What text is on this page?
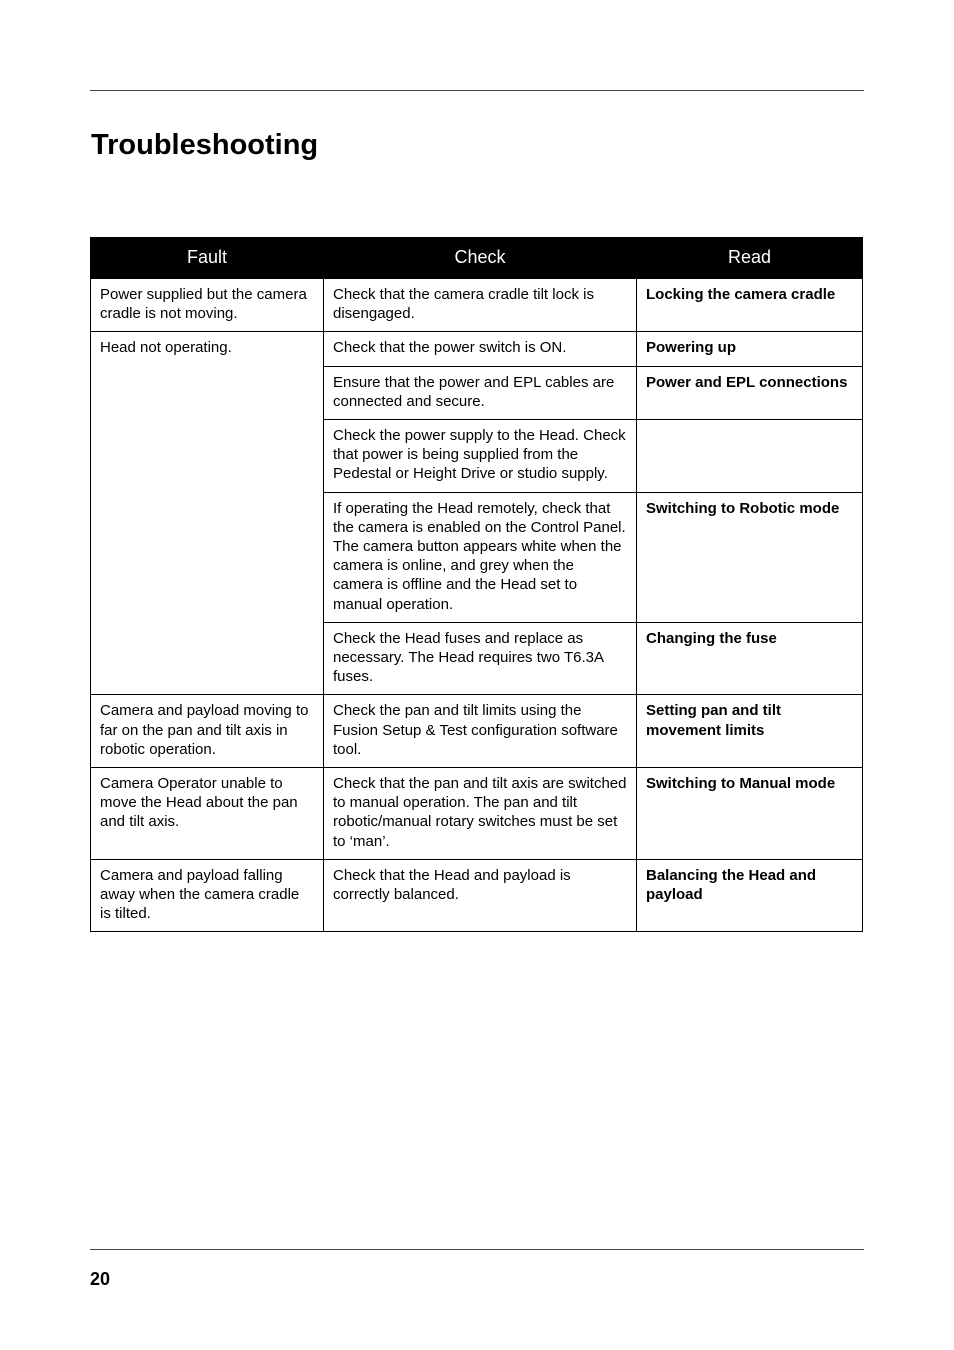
Troubleshooting
Fault	Check	Read
Power supplied but the camera cradle is not moving.	Check that the camera cradle tilt lock is disengaged.	Locking the camera cradle
Head not operating.	Check that the power switch is ON.	Powering up
	Ensure that the power and EPL cables are connected and secure.	Power and EPL connections
	Check the power supply to the Head. Check that power is being supplied from the Pedestal or Height Drive or studio supply.	
	If operating the Head remotely, check that the camera is enabled on the Control Panel. The camera button appears white when the camera is online, and grey when the camera is offline and the Head set to manual operation.	Switching to Robotic mode
	Check the Head fuses and replace as necessary. The Head requires two T6.3A fuses.	Changing the fuse
Camera and payload moving to far on the pan and tilt axis in robotic operation.	Check the pan and tilt limits using the Fusion Setup & Test configuration software tool.	Setting pan and tilt movement limits
Camera Operator unable to move the Head about the pan and tilt axis.	Check that the pan and tilt axis are switched to manual operation. The pan and tilt robotic/manual rotary switches must be set to ‘man’.	Switching to Manual mode
Camera and payload falling away when the camera cradle is tilted.	Check that the Head and payload is correctly balanced.	Balancing the Head and payload
20
